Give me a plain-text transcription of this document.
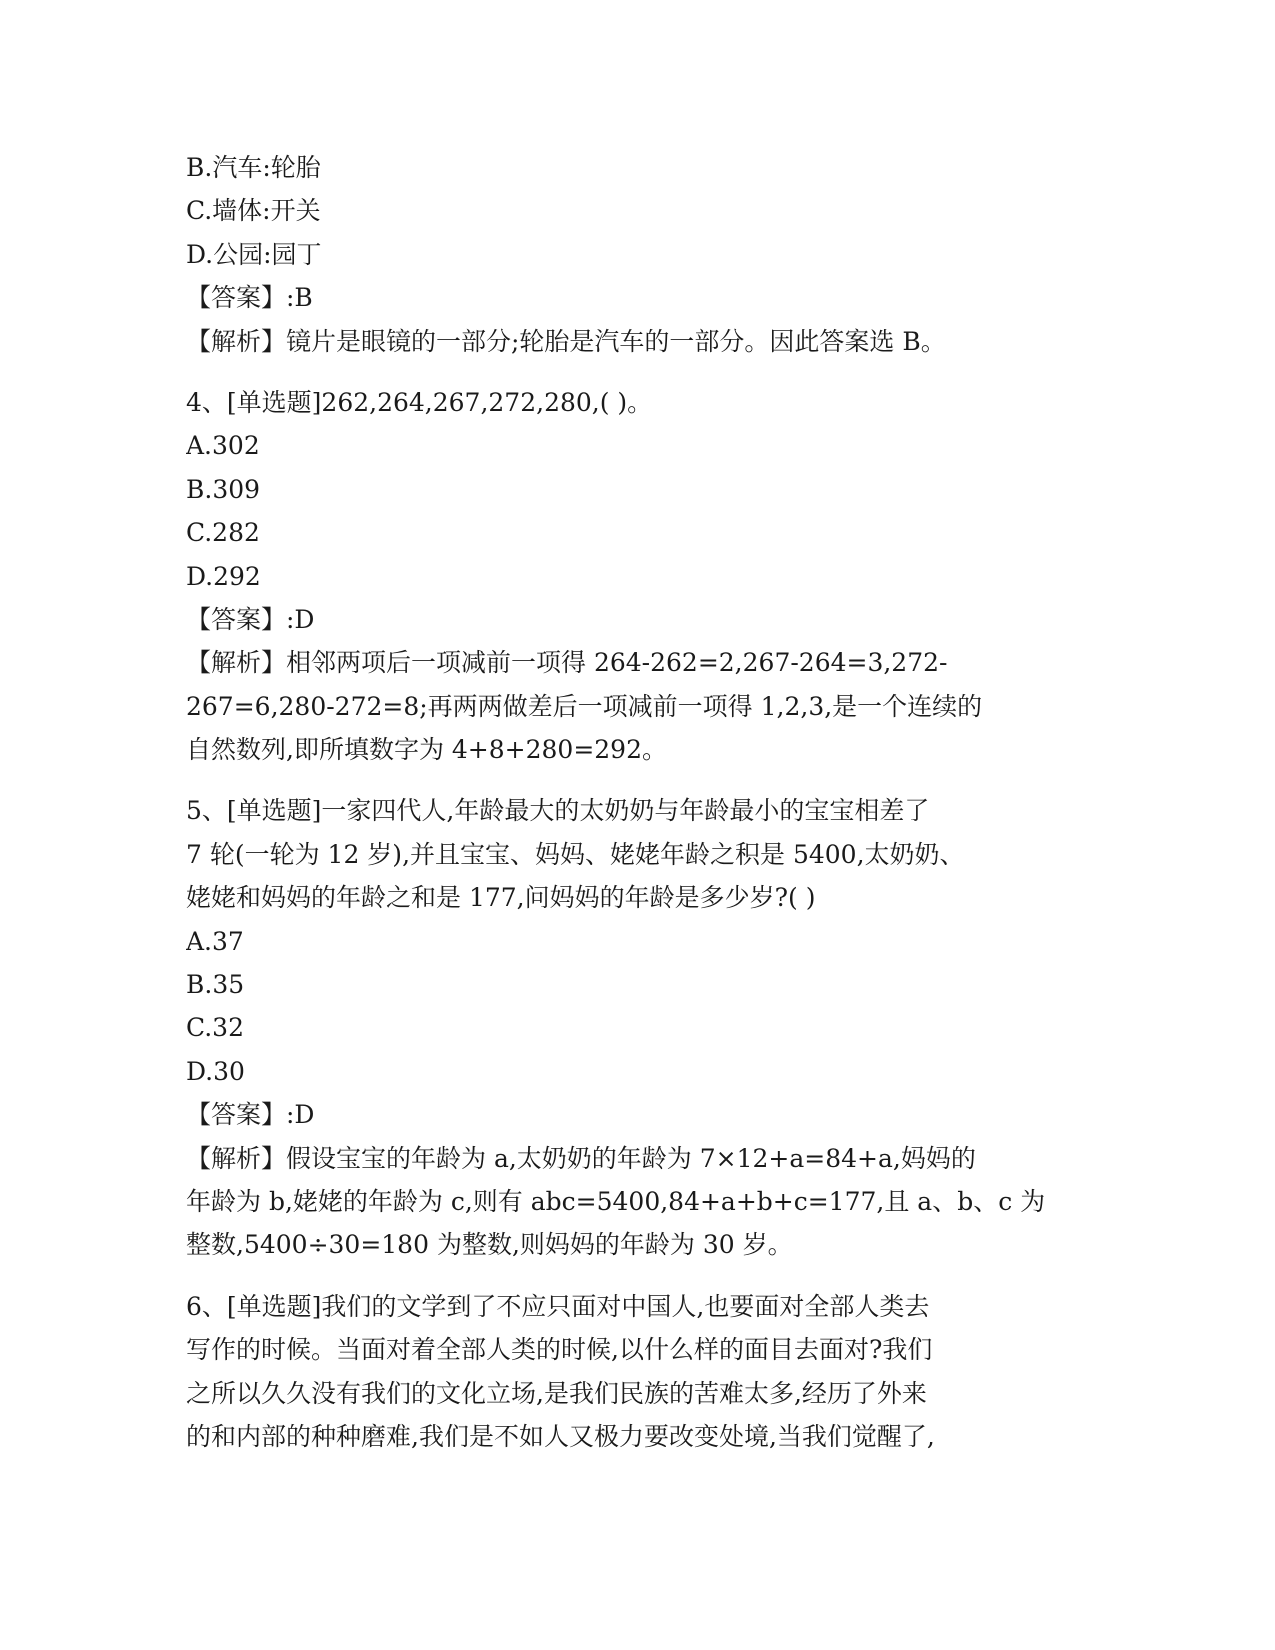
B.汽车:轮胎
C.墙体:开关
D.公园:园丁
【答案】:B
【解析】镜片是眼镜的一部分;轮胎是汽车的一部分。因此答案选 B。
4、[单选题]262,264,267,272,280,( )。
A.302
B.309
C.282
D.292
【答案】:D
【解析】相邻两项后一项减前一项得 264-262=2,267-264=3,272-
267=6,280-272=8;再两两做差后一项减前一项得 1,2,3,是一个连续的
自然数列,即所填数字为 4+8+280=292。
5、[单选题]一家四代人,年龄最大的太奶奶与年龄最小的宝宝相差了
7 轮(一轮为 12 岁),并且宝宝、妈妈、姥姥年龄之积是 5400,太奶奶、
姥姥和妈妈的年龄之和是 177,问妈妈的年龄是多少岁?( )
A.37
B.35
C.32
D.30
【答案】:D
【解析】假设宝宝的年龄为 a,太奶奶的年龄为 7×12+a=84+a,妈妈的
年龄为 b,姥姥的年龄为 c,则有 abc=5400,84+a+b+c=177,且 a、b、c 为
整数,5400÷30=180 为整数,则妈妈的年龄为 30 岁。
6、[单选题]我们的文学到了不应只面对中国人,也要面对全部人类去
写作的时候。当面对着全部人类的时候,以什么样的面目去面对?我们
之所以久久没有我们的文化立场,是我们民族的苦难太多,经历了外来
的和内部的种种磨难,我们是不如人又极力要改变处境,当我们觉醒了,
